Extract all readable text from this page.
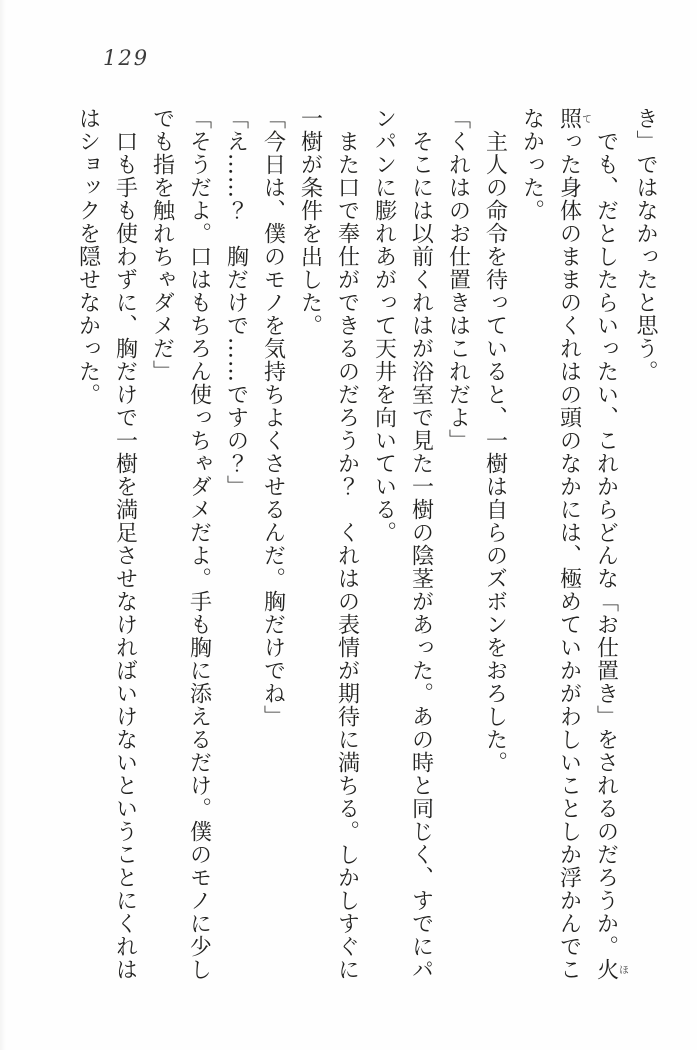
129

き」ではなかったと思う。

でも、だとしたらいったい、これからどんな「お仕置き」をされるのだろうか。火ほ照てった身体のままのくれはの頭のなかには、極めていかがわしいことしか浮かんでこなかった。

主人の命令を待っていると、一樹は自らのズボンをおろした。

「くれはのお仕置きはこれだよ」

そこには以前くれはが浴室で見た一樹の陰茎があった。あの時と同じく、すでにパンパンに膨れあがって天井を向いている。

また口で奉仕ができるのだろうか？　くれはの表情が期待に満ちる。しかしすぐに一樹が条件を出した。

「今日は、僕のモノを気持ちよくさせるんだ。胸だけでね」

「え……？　胸だけで……ですの？」

「そうだよ。口はもちろん使っちゃダメだよ。手も胸に添えるだけ。僕のモノに少しでも指を触れちゃダメだ」

口も手も使わずに、胸だけで一樹を満足させなければいけないということにくれははショックを隠せなかった。
